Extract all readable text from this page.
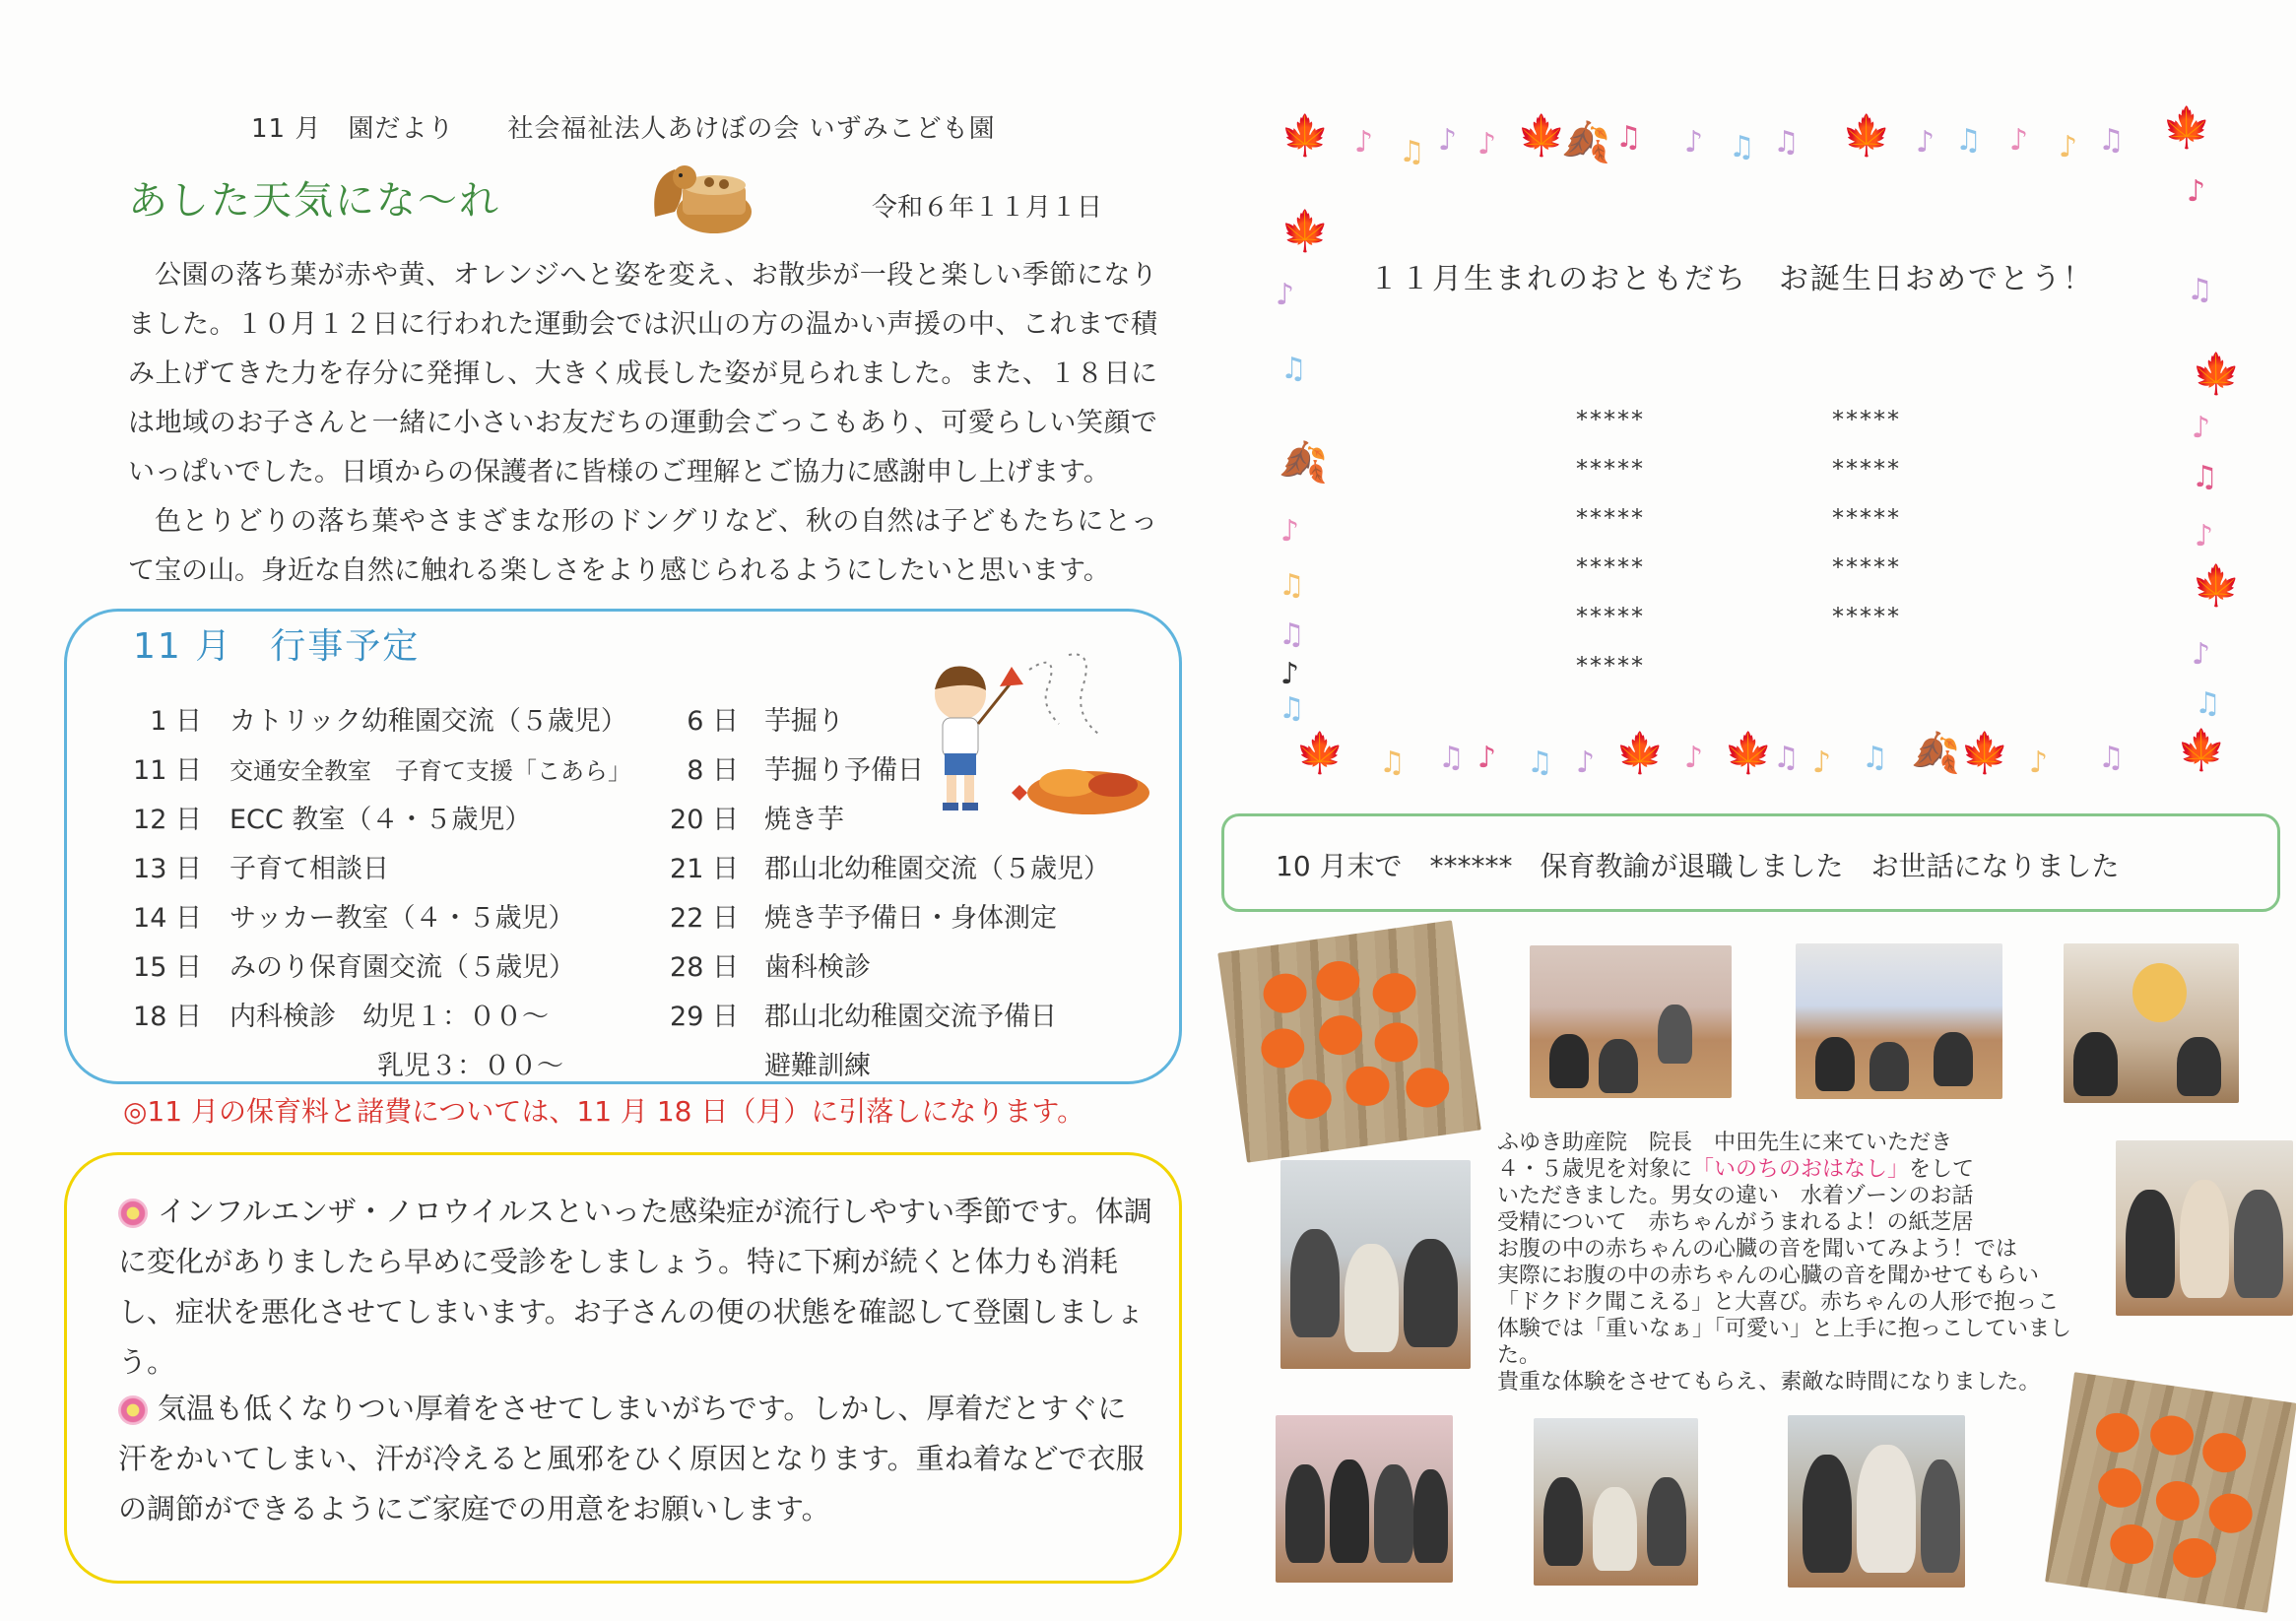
11 月　園だより　　社会福祉法人あけぼの会 いずみこども園
あした天気にな〜れ	令和６年１１月１日
公園の落ち葉が赤や黄、オレンジへと姿を変え、お散歩が一段と楽しい季節になりました。１０月１２日に行われた運動会では沢山の方の温かい声援の中、これまで積み上げてきた力を存分に発揮し、大きく成長した姿が見られました。また、１８日には地域のお子さんと一緒に小さいお友だちの運動会ごっこもあり、可愛らしい笑顔でいっぱいでした。日頃からの保護者に皆様のご理解とご協力に感謝申し上げます。
色とりどりの落ち葉やさまざまな形のドングリなど、秋の自然は子どもたちにとって宝の山。身近な自然に触れる楽しさをより感じられるようにしたいと思います。
11 月　行事予定
1 日 カトリック幼稚園交流（５歳児）
11 日 交通安全教室　子育て支援「こあら」
12 日 ECC 教室（４・５歳児）
13 日 子育て相談日
14 日 サッカー教室（４・５歳児）
15 日 みのり保育園交流（５歳児）
18 日 内科検診　幼児１：００〜
乳児３：００〜
6 日 芋掘り
8 日 芋掘り予備日
20 日 焼き芋
21 日 郡山北幼稚園交流（５歳児）
22 日 焼き芋予備日・身体測定
28 日 歯科検診
29 日 郡山北幼稚園交流予備日
避難訓練
◎11 月の保育料と諸費については、11 月 18 日（月）に引落しになります。
インフルエンザ・ノロウイルスといった感染症が流行しやすい季節です。体調に変化がありましたら早めに受診をしましょう。特に下痢が続くと体力も消耗し、症状を悪化させてしまいます。お子さんの便の状態を確認して登園しましょう。
気温も低くなりつい厚着をさせてしまいがちです。しかし、厚着だとすぐに汗をかいてしまい、汗が冷えると風邪をひく原因となります。重ね着などで衣服の調節ができるようにご家庭での用意をお願いします。
🍁 ♪ ♫ ♪ ♪ 🍁
🍂 ♫ ♪ ♫ ♫ 🍁 ♪ ♫ ♪ ♪ ♫ 🍁
🍁
♪
♫
🍂
♪
♫
♫
♪
♫
♪
♫
🍁
♪
♫
♪
🍁
♪
♫
🍁 ♫ ♫ ♪ ♫ ♪ 🍁 ♪ 🍁 ♫ ♪ ♫ 🍂 🍁 ♪ ♫ 🍁
１１月生まれのおともだち　お誕生日おめでとう！
*****
*****
*****
*****
*****
*****
*****
*****
*****
*****
*****
10 月末で　******　保育教諭が退職しました　お世話になりました
ふゆき助産院　院長　中田先生に来ていただき
４・５歳児を対象に「いのちのおはなし」をして
いただきました。男女の違い　水着ゾーンのお話
受精について　赤ちゃんがうまれるよ！の紙芝居
お腹の中の赤ちゃんの心臓の音を聞いてみよう！では
実際にお腹の中の赤ちゃんの心臓の音を聞かせてもらい
「ドクドク聞こえる」と大喜び。赤ちゃんの人形で抱っこ
体験では「重いなぁ」「可愛い」と上手に抱っこしていました。
貴重な体験をさせてもらえ、素敵な時間になりました。
